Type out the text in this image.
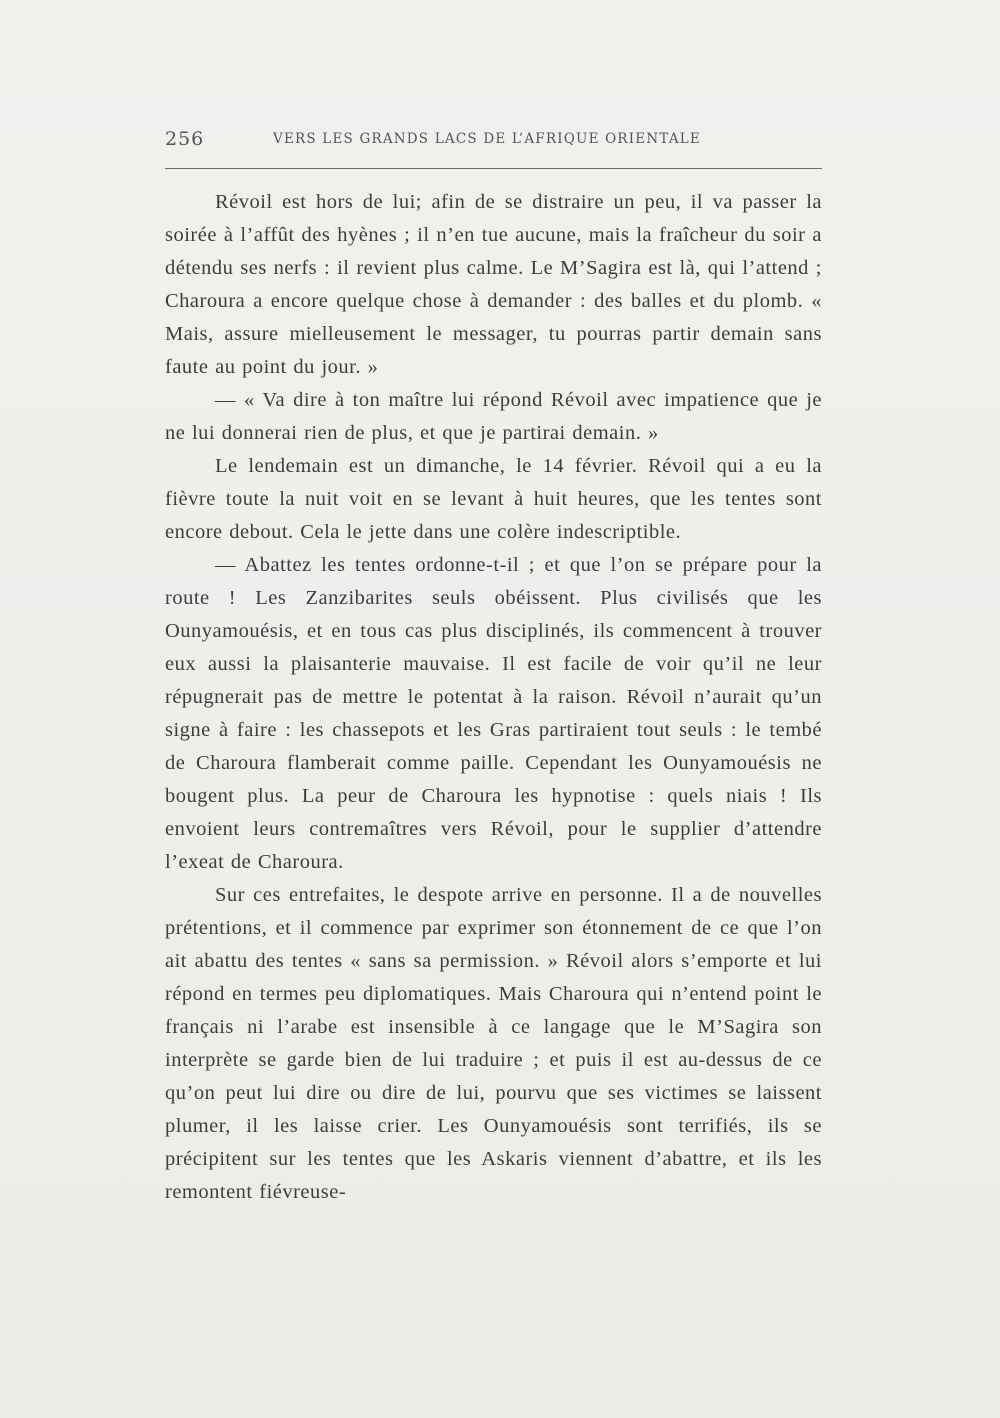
256	VERS LES GRANDS LACS DE L’AFRIQUE ORIENTALE

Révoil est hors de lui; afin de se distraire un peu, il va passer la soirée à l’affût des hyènes ; il n’en tue aucune, mais la fraîcheur du soir a détendu ses nerfs : il revient plus calme. Le M’Sagira est là, qui l’attend ; Charoura a encore quelque chose à demander : des balles et du plomb. « Mais, assure mielleusement le messager, tu pourras partir demain sans faute au point du jour. »

— « Va dire à ton maître lui répond Révoil avec impatience que je ne lui donnerai rien de plus, et que je partirai demain. »

Le lendemain est un dimanche, le 14 février. Révoil qui a eu la fièvre toute la nuit voit en se levant à huit heures, que les tentes sont encore debout. Cela le jette dans une colère indescriptible.

— Abattez les tentes ordonne-t-il ; et que l’on se prépare pour la route ! Les Zanzibarites seuls obéissent. Plus civilisés que les Ounyamouésis, et en tous cas plus disciplinés, ils commencent à trouver eux aussi la plaisanterie mauvaise. Il est facile de voir qu’il ne leur répugnerait pas de mettre le potentat à la raison. Révoil n’aurait qu’un signe à faire : les chassepots et les Gras partiraient tout seuls : le tembé de Charoura flamberait comme paille. Cependant les Ounyamouésis ne bougent plus. La peur de Charoura les hypnotise : quels niais ! Ils envoient leurs contremaîtres vers Révoil, pour le supplier d’attendre l’exeat de Charoura.

Sur ces entrefaites, le despote arrive en personne. Il a de nouvelles prétentions, et il commence par exprimer son étonnement de ce que l’on ait abattu des tentes « sans sa permission. » Révoil alors s’emporte et lui répond en termes peu diplomatiques. Mais Charoura qui n’entend point le français ni l’arabe est insensible à ce langage que le M’Sagira son interprète se garde bien de lui traduire ; et puis il est au-dessus de ce qu’on peut lui dire ou dire de lui, pourvu que ses victimes se laissent plumer, il les laisse crier. Les Ounyamouésis sont terrifiés, ils se précipitent sur les tentes que les Askaris viennent d’abattre, et ils les remontent fiévreuse-
